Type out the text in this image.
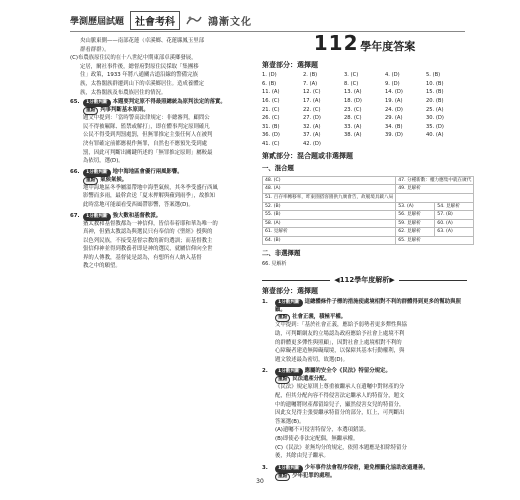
學測歷屆試題	社會考科	鴻漸文化
央山脈東側——南部花蓮（卓溪鄉、花蓮縣鳳玉里部
群看群群）。
(C)布農族原住民的在十八世紀中期東部卓溪鄉發展，
定居，爾社事件後，總督府對原住民採取「集團移
住」政策，1933 年將八通關古道沿線的警備完族
族，太魯閣族群遷到山下的卓溪鄉居住。造成養體定
族，太魯閣族及布農族居住的情況。
65.	1分數判斷 本題要判定原不得最照總統為原判法定的落實。
重點 判事判斷基本原則。
題文中提到：「當時警高法律規定：非總審判，顧問公
民不得被羈隊、監禁或解打」，即在體事判定原則確凡
公民不得受到判罰處罰，但無罪推定主張任何人在被判
決有罪確定前都應視作無罪，自然也不應預先受到處
罰，因此可判斷出關鍵所述的「無罪推定原則」屬較最
為依切，選(D)。
66.	1分數判斷 地中海地區會優行兩風影響。
重點 氣候氣候。
地中海地區冬季屬溫帶地中海型氣候，其冬季受盛行西風
影響而多雨，最幹倉送「夏末押解與蘋到雨季」，故推知
此時當地可能頭看受西風帶影響，答案選(D)。
67.	1分數判斷 強大數和基督教派。
猶太教和基督教都為一神信仰，皆信奉着耶和華為唯一的
真神，但猶太教認為與選民只有奉信的《聖經》授與的
以色列民族，不接受基督宗教的新約選訓；而基督教主
張信仰神並得到教養者即是神的選民，就屬信仰向全世
界的人傳教，基督徒是認為，有想所有人納入基督
教之中的願望。
112 學年度答案
第壹部分：選擇題
1. (D)	2. (B)	3. (C)	4. (D)	5. (B)
6. (B)	7. (A)	8. (C)	9. (D)	10. (B)
11. (A)	12. (C)	13. (A)	14. (D)	15. (B)
16. (C)	17. (A)	18. (D)	19. (A)	20. (B)
21. (C)	22. (C)	23. (C)	24. (D)	25. (A)
26. (C)	27. (D)	28. (C)	29. (A)	30. (D)
31. (B)	32. (A)	33. (A)	34. (B)	35. (D)
36. (D)	37. (A)	38. (A)	39. (D)	40. (A)
41. (C)	42. (D)
第貳部分：混合題或非選擇題
一、混合題
48. (C)	47. 分種新數：權力應集中就在廣代	
48. (A)	49. 見解析	
51. 百存率轉移率，昨東園搭客園供九廣會告，故履境具載八局		
52. (B)	53. (A)	54. 見解析
55. (B)	56. 見解析	57. (B)
58. (A)	59. 見解析	60. (A)
61. 見解析	62. 見解析	63. (A)
64. (B)	65. 見解析	
二、非選擇題
66. 見解析
◀112學年度解析▶
第壹部分：選擇題
1.	1分數判斷 這總體條件子標的措施使處境相對不利的群體得到更多的幫助與照顧。
重點 社會正義，積極平權。
文中提到：「基於社會正義，應給予弱勢者更多彈性與協
助，可判斷網友的立場認為政府應給予社會上處境不利
的群體更多彈性與照顧」，因對社會上處境相對不利的
心障礙者建造無障礙環境，以保障其基本行動權利，與
題文敘述最為密切，故選(D)。
2.	1分數判斷 應屬的安全令《民法》特留分規定。
重點 民法遺產分配。
《民法》規定原則上尊重被繼承人在遺囑中對財產的分
配，但其分配內容不得侵害法定繼承人的特留分，題文
中的遺囑將財產都留給兒子，顯然侵害女兒的特留分，
因此女兒得主張要繼承特留分的部分，紅上，可判斷出
答案選(B)。
(A)遺囑不可侵害特留分，本選項錯誤。
(B)即使必非法定配偶，無繼承權。
(C)《民法》並無均分的規定，依照本題應是扣除特留分
後，其餘由兒子繼承。
3.	1分數判斷 少年事件法會程序保密，避免標籤化協助改過遷善。
重點 少年犯罪的處理。
30
